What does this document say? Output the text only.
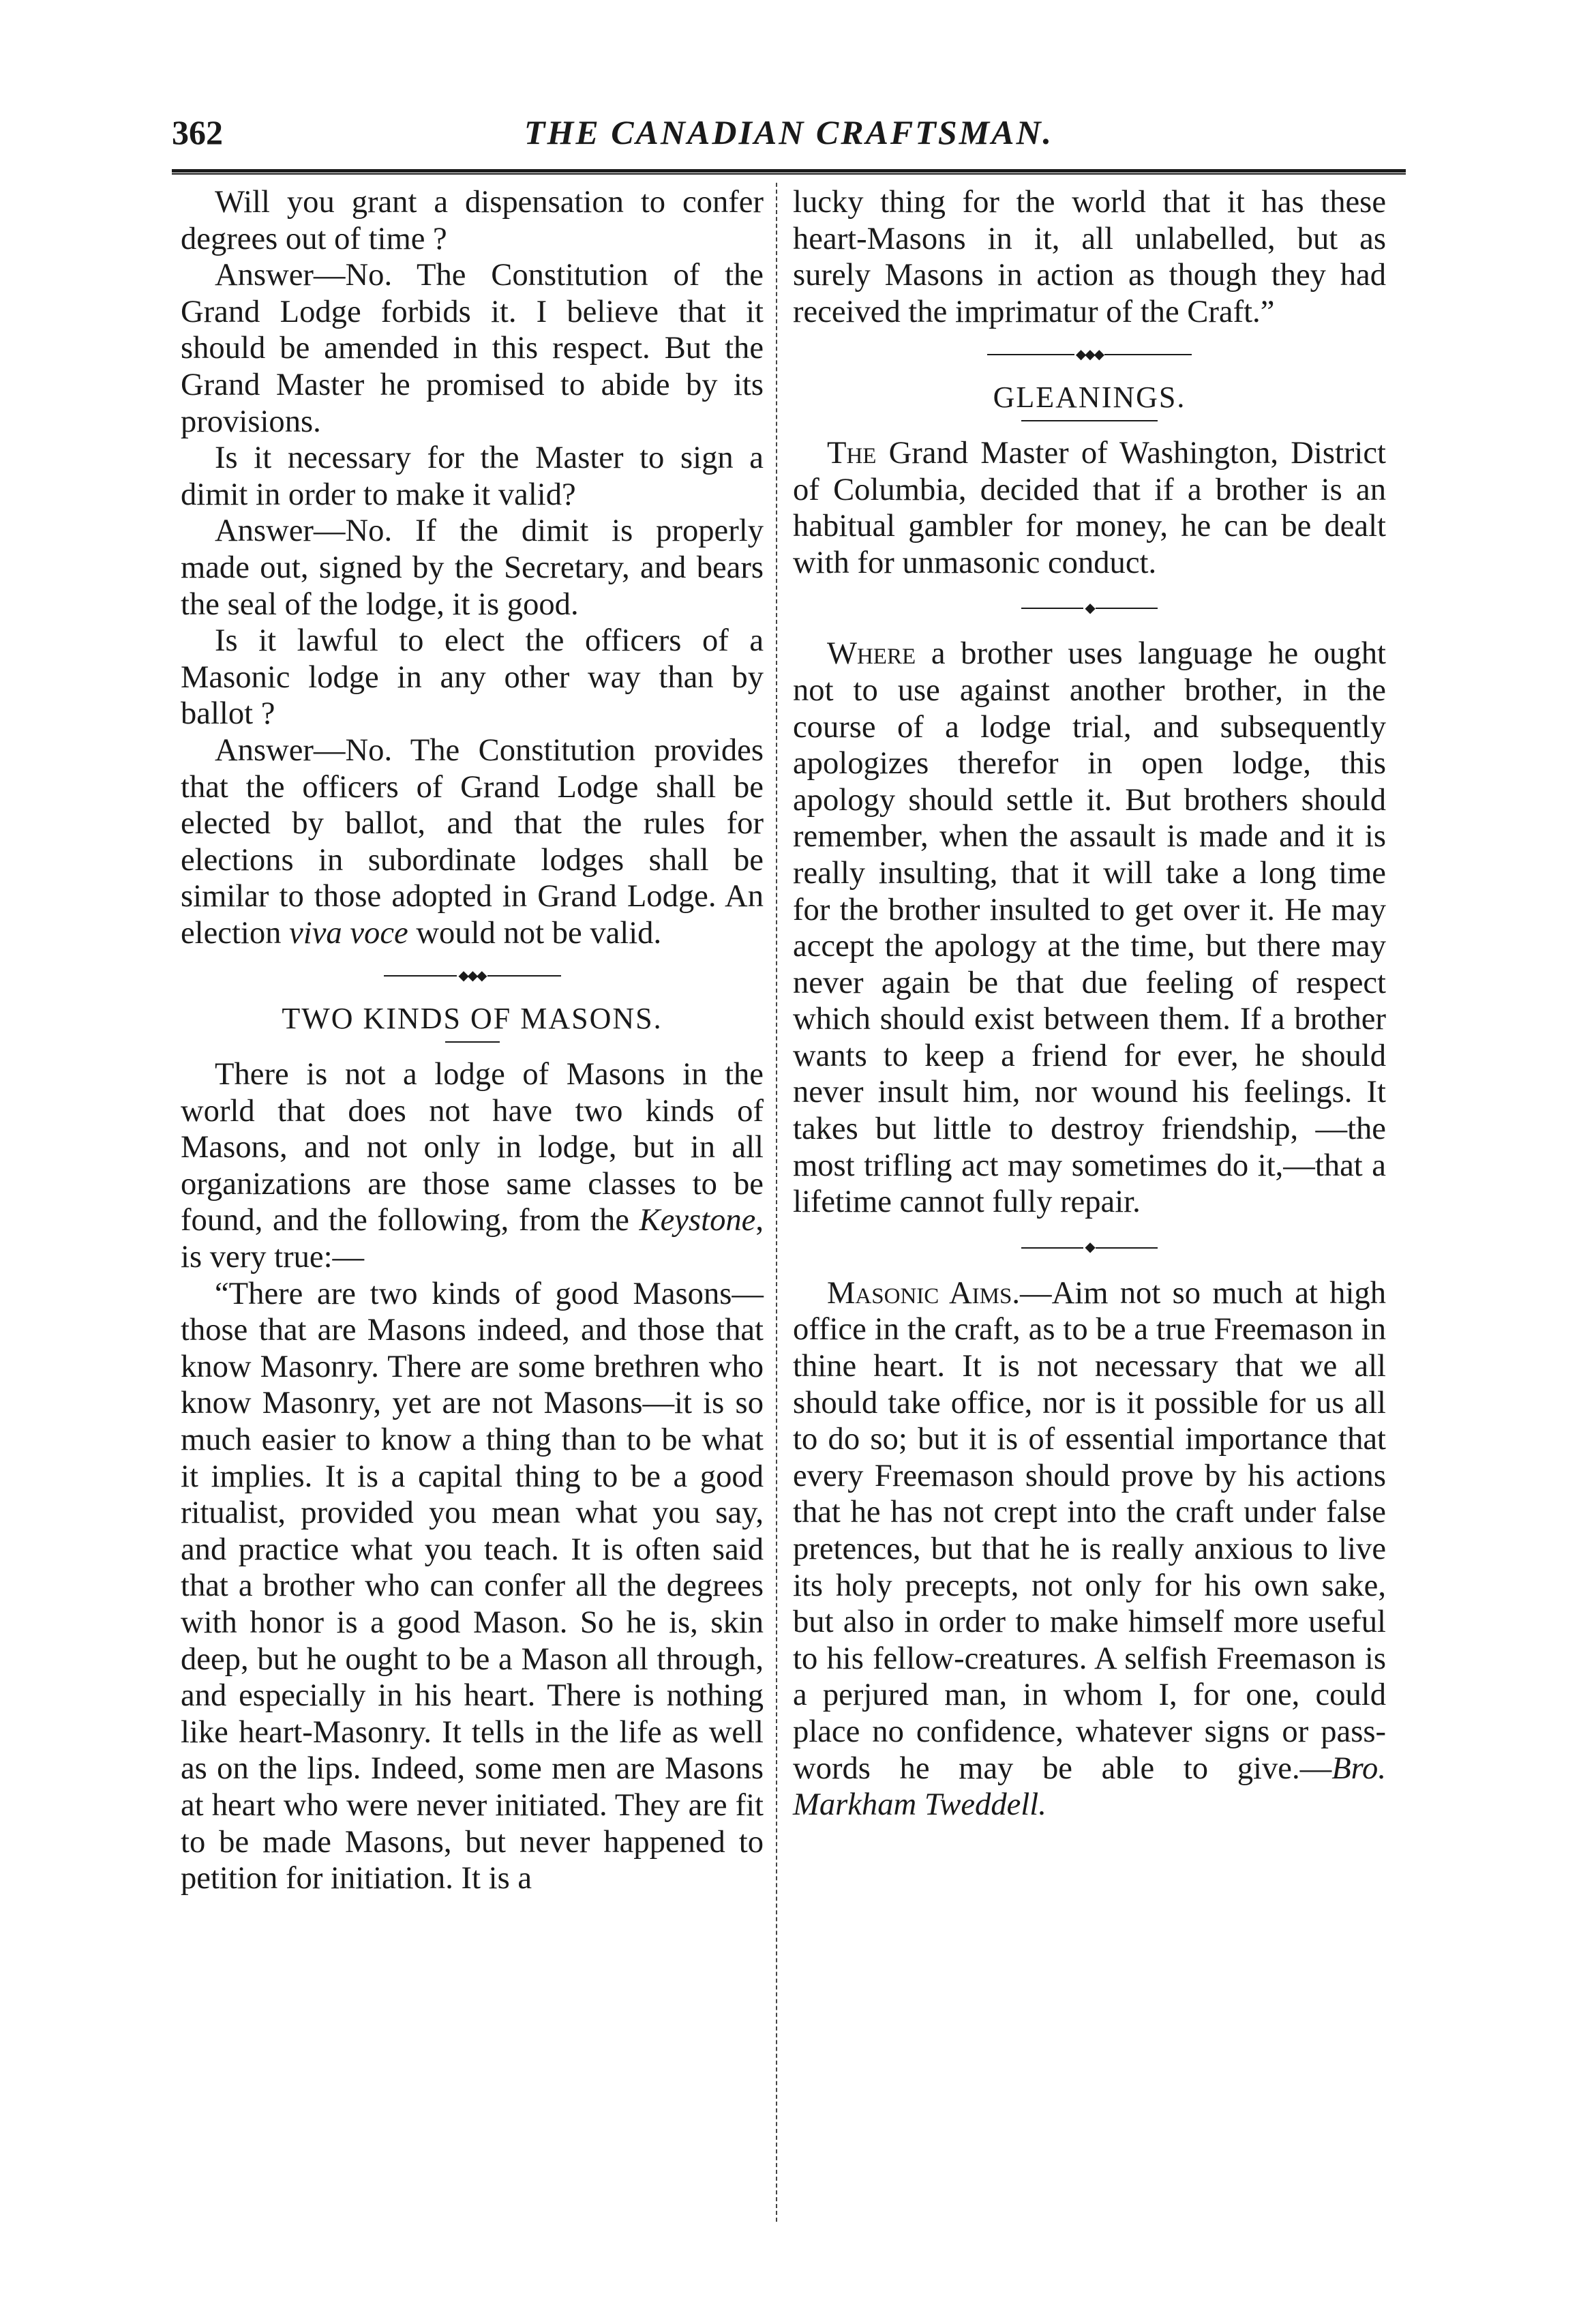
362	THE CANADIAN CRAFTSMAN.

Will you grant a dispensation to confer degrees out of time ?

Answer—No. The Constitution of the Grand Lodge forbids it. I believe that it should be amended in this respect. But the Grand Master he promised to abide by its provisions.

Is it necessary for the Master to sign a dimit in order to make it valid?

Answer—No. If the dimit is properly made out, signed by the Secretary, and bears the seal of the lodge, it is good.

Is it lawful to elect the officers of a Masonic lodge in any other way than by ballot ?

Answer—No. The Constitution provides that the officers of Grand Lodge shall be elected by ballot, and that the rules for elections in subordinate lodges shall be similar to those adopted in Grand Lodge. An election viva voce would not be valid.

◆◆◆
TWO KINDS OF MASONS.

There is not a lodge of Masons in the world that does not have two kinds of Masons, and not only in lodge, but in all organizations are those same classes to be found, and the following, from the Keystone, is very true:—

“There are two kinds of good Masons—those that are Masons indeed, and those that know Masonry. There are some brethren who know Masonry, yet are not Masons—it is so much easier to know a thing than to be what it implies. It is a capital thing to be a good ritualist, provided you mean what you say, and practice what you teach. It is often said that a brother who can confer all the degrees with honor is a good Mason. So he is, skin deep, but he ought to be a Mason all through, and especially in his heart. There is nothing like heart-Masonry. It tells in the life as well as on the lips. Indeed, some men are Masons at heart who were never initiated. They are fit to be made Masons, but never happened to petition for initiation. It is a

lucky thing for the world that it has these heart-Masons in it, all unlabelled, but as surely Masons in action as though they had received the imprimatur of the Craft.”

◆◆◆
GLEANINGS.

The Grand Master of Washington, District of Columbia, decided that if a brother is an habitual gambler for money, he can be dealt with for unmasonic conduct.

◆

Where a brother uses language he ought not to use against another brother, in the course of a lodge trial, and subsequently apologizes therefor in open lodge, this apology should settle it. But brothers should remember, when the assault is made and it is really insulting, that it will take a long time for the brother insulted to get over it. He may accept the apology at the time, but there may never again be that due feeling of respect which should exist between them. If a brother wants to keep a friend for ever, he should never insult him, nor wound his feelings. It takes but little to destroy friendship, —the most trifling act may sometimes do it,—that a lifetime cannot fully repair.

◆

Masonic Aims.—Aim not so much at high office in the craft, as to be a true Freemason in thine heart. It is not necessary that we all should take office, nor is it possible for us all to do so; but it is of essential importance that every Freemason should prove by his actions that he has not crept into the craft under false pretences, but that he is really anxious to live its holy precepts, not only for his own sake, but also in order to make himself more useful to his fellow-creatures. A selfish Freemason is a perjured man, in whom I, for one, could place no confidence, whatever signs or pass-words he may be able to give.—Bro. Markham Tweddell.
